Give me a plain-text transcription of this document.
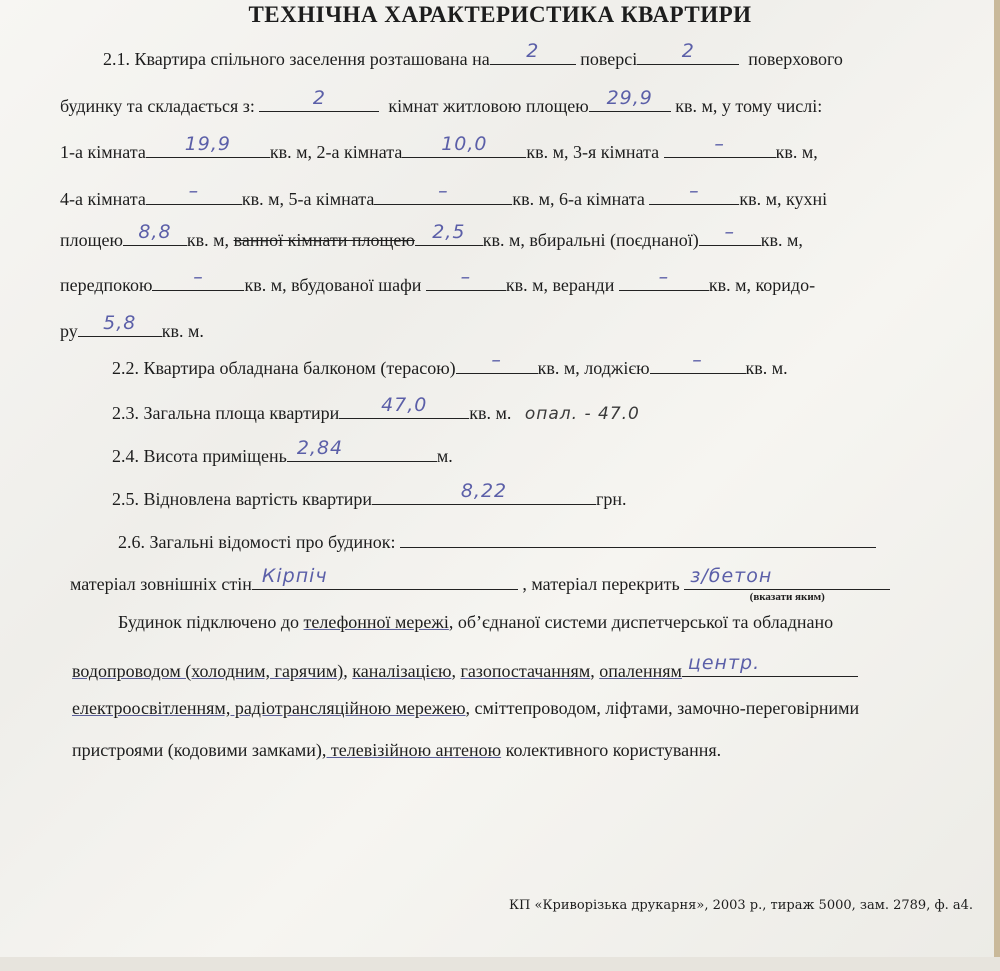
ТЕХНІЧНА ХАРАКТЕРИСТИКА КВАРТИРИ
2.1. Квартира спільного заселення розташована на	2	поверсі	2	поверхового
будинку та складається з:	2	кімнат житловою площею 29,9	кв. м, у тому числі:
1-а кімната	19,9	кв. м, 2-а кімната	10,0	кв. м, 3-я кімната	–	кв. м,
4-а кімната	–	кв. м, 5-а кімната	–	кв. м, 6-а кімната	–	кв. м, кухні
площею 8,8 кв. м, ванної кімнати площею 2,5 кв. м, вбиральні (поєднаної)	–	кв. м,
передпокою	–	кв. м, вбудованої шафи	–	кв. м, веранди	–	кв. м, коридо-
ру	5,8	кв. м.
2.2. Квартира обладнана балконом (терасою)	–	кв. м, лоджією	–	кв. м.
2.3. Загальна площа квартири	47,0	кв. м. опал. - 47.0
2.4. Висота приміщень 2,84	м.
2.5. Відновлена вартість квартири	8,22	грн.
2.6. Загальні відомості про будинок:
матеріал зовнішніх стін Кірпіч	, матеріал перекрить з/бетон
(вказати яким)
Будинок підключено до телефонної мережі, об’єднаної системи диспетчерської та обладнано
водопроводом (холодним, гарячим), каналізацією, газопостачанням, опаленням центр.
електроосвітленням, радіотрансляційною мережею, сміттепроводом, ліфтами, замочно-переговірними
пристроями (кодовими замками), телевізійною антеною колективного користування.
КП «Криворізька друкарня», 2003 р., тираж 5000, зам. 2789, ф. а4.
